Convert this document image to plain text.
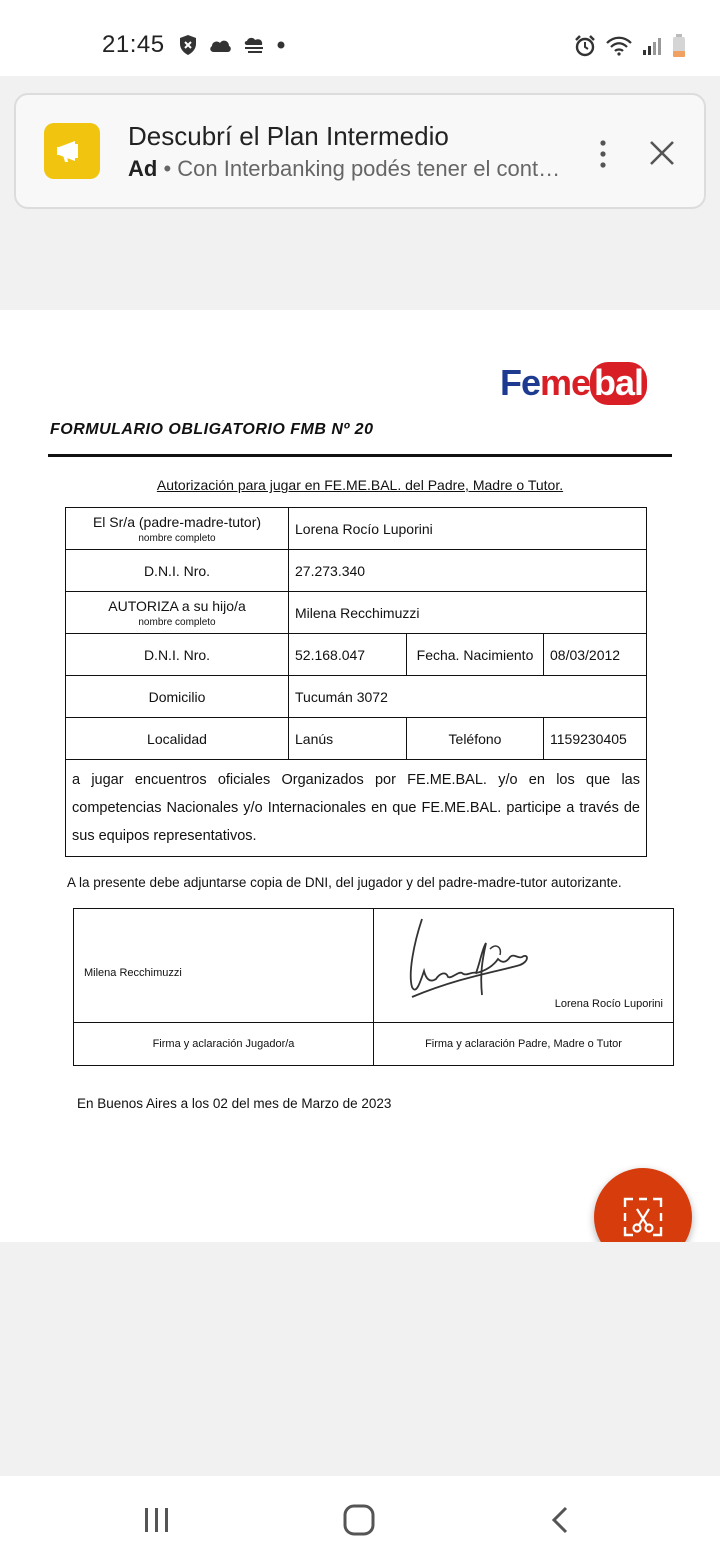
21:45
Descubrí el Plan Intermedio
Ad • Con Interbanking podés tener el cont…
Feme bal
FORMULARIO OBLIGATORIO FMB Nº 20
Autorización para jugar en FE.ME.BAL. del Padre, Madre o Tutor.
El Sr/a (padre-madre-tutor)
nombre completo	Lorena Rocío Luporini		
D.N.I. Nro.	27.273.340		
AUTORIZA a su hijo/a
nombre completo	Milena Recchimuzzi		
D.N.I. Nro.	52.168.047	Fecha. Nacimiento	08/03/2012
Domicilio	Tucumán 3072		
Localidad	Lanús	Teléfono	1159230405
a jugar encuentros oficiales Organizados por FE.ME.BAL. y/o en los que las competencias Nacionales y/o Internacionales en que FE.ME.BAL. participe a través de sus equipos representativos.			
A la presente debe adjuntarse copia de DNI, del jugador y del padre-madre-tutor autorizante.
Milena Recchimuzzi	Lorena Rocío Luporini

Firma y aclaración Jugador/a	Firma y aclaración Padre, Madre o Tutor
En Buenos Aires a los 02 del mes de Marzo de 2023
